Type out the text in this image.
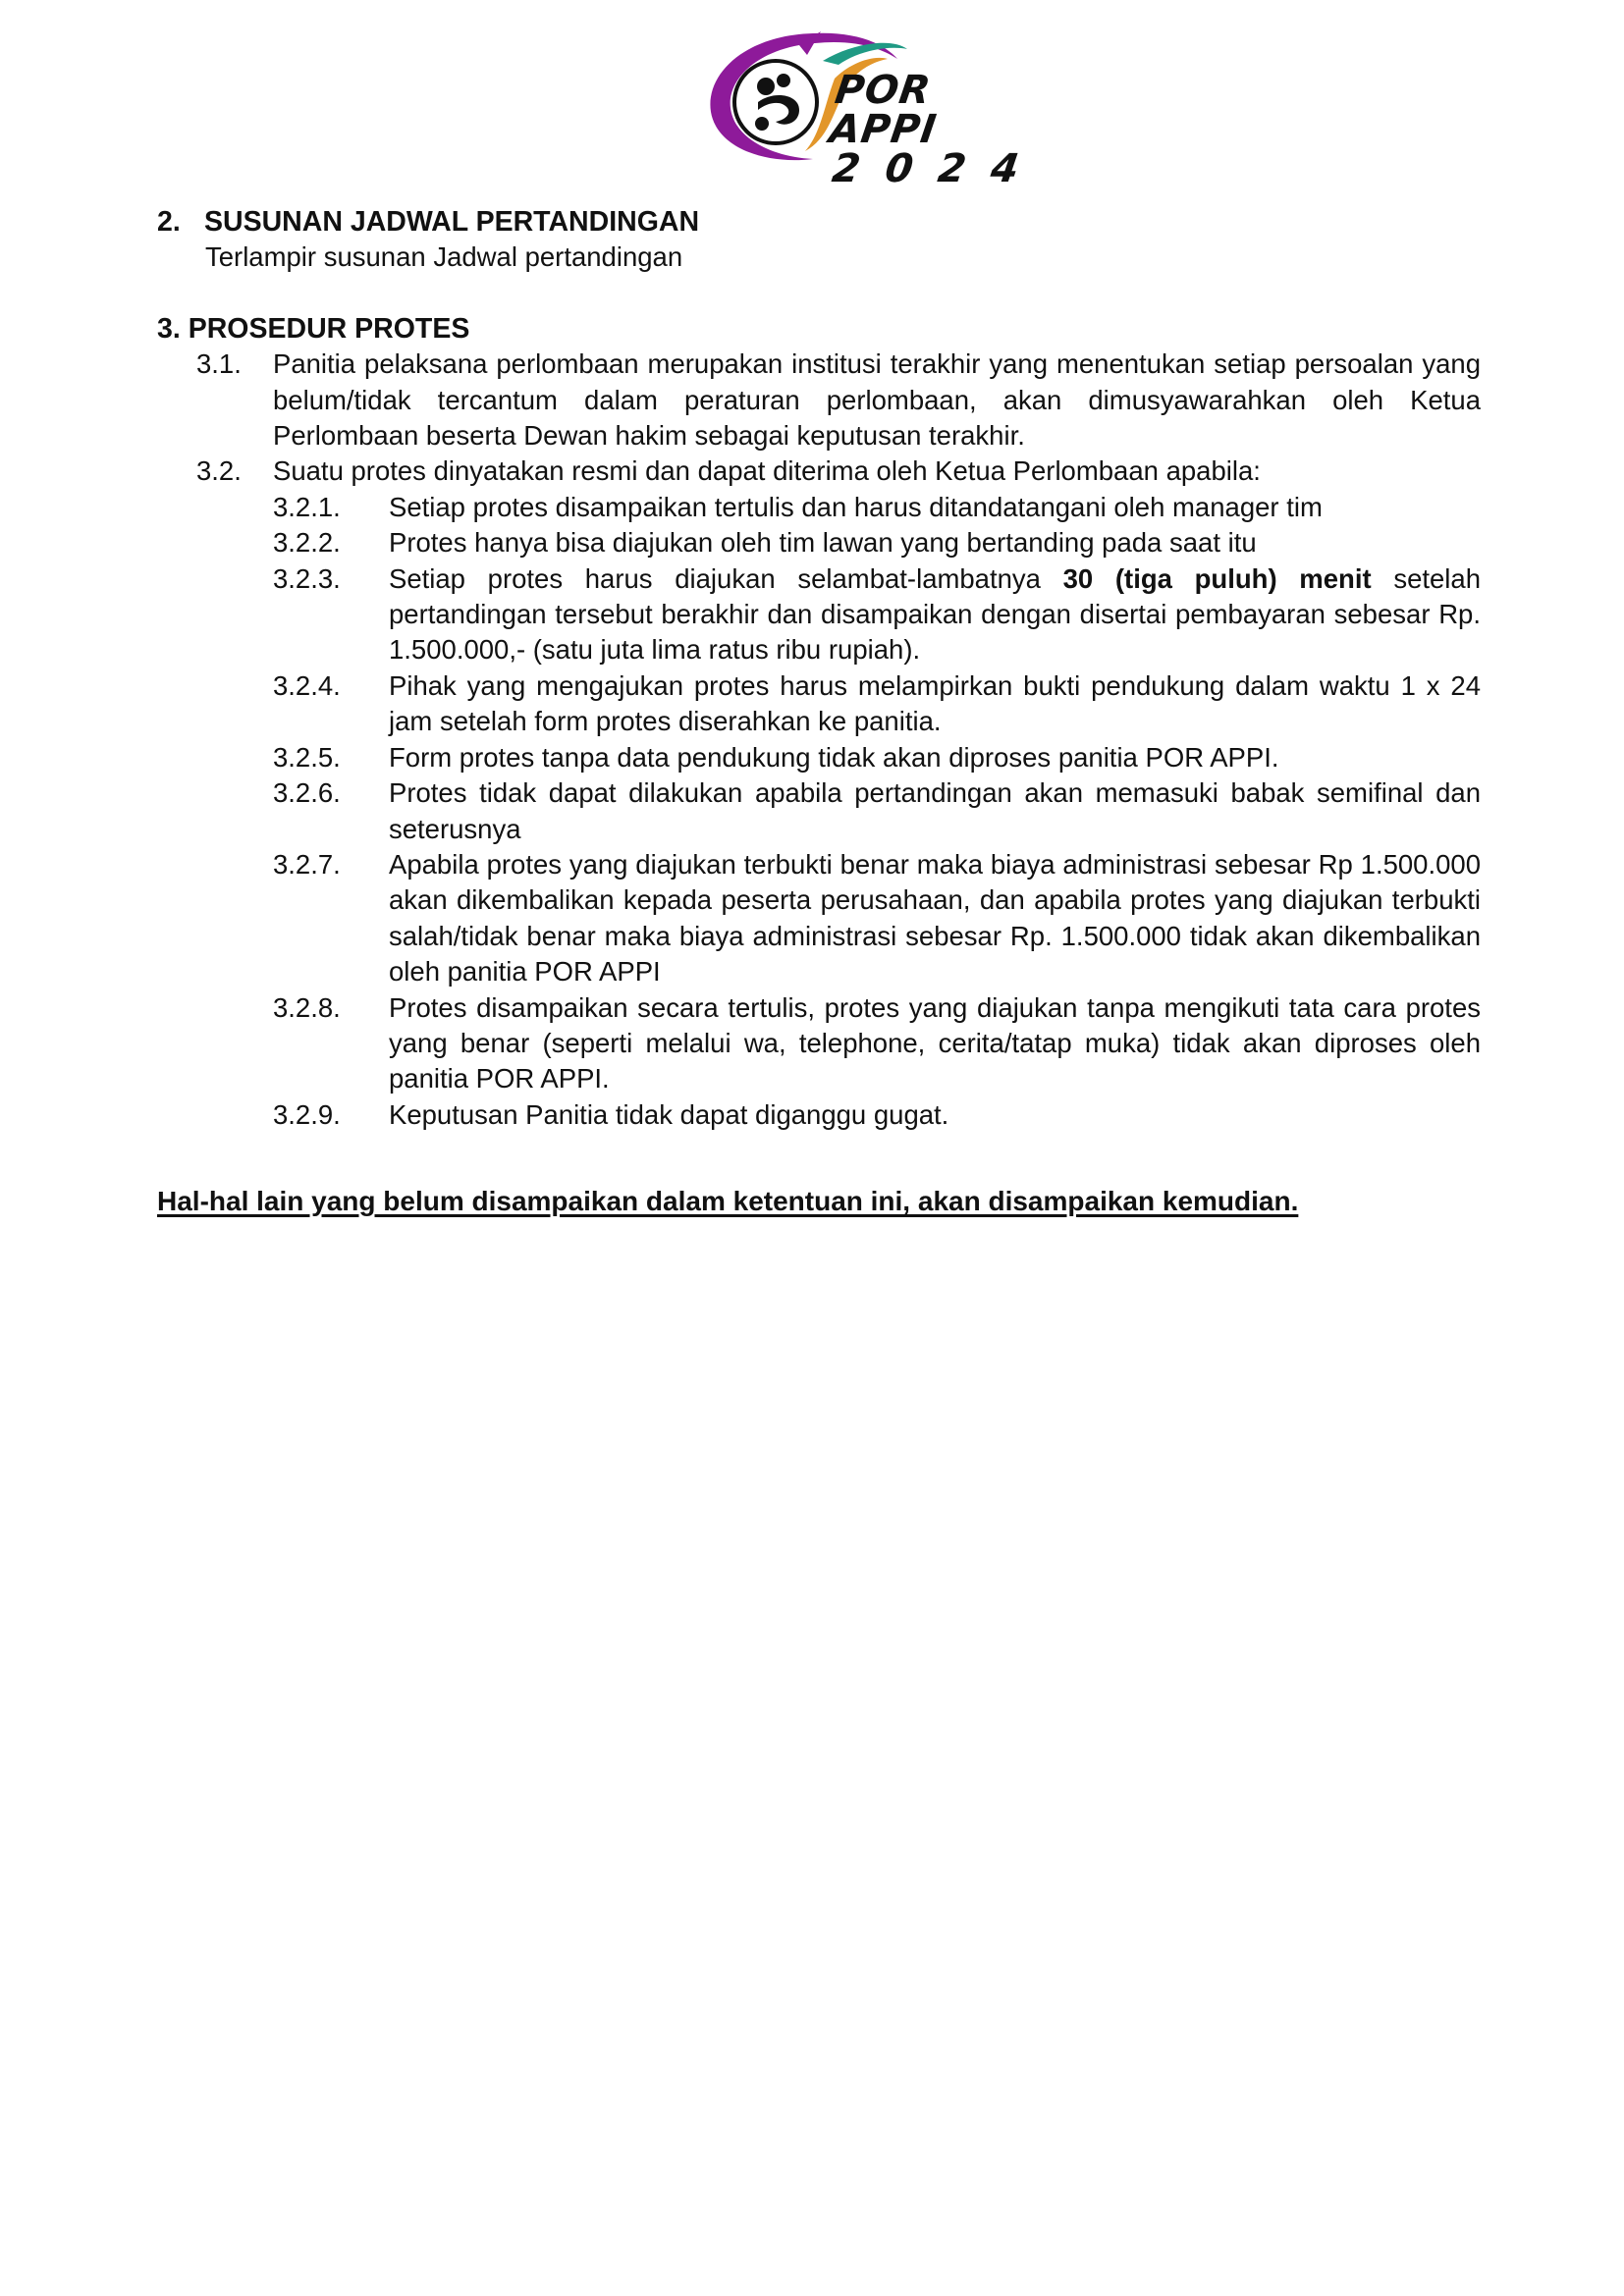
POR APPI
2024
2. SUSUNAN JADWAL PERTANDINGAN
Terlampir susunan Jadwal pertandingan
3. PROSEDUR PROTES
3.1.	Panitia pelaksana perlombaan merupakan institusi terakhir yang menentukan setiap persoalan yang belum/tidak tercantum dalam peraturan perlombaan, akan dimusyawarahkan oleh Ketua Perlombaan beserta Dewan hakim sebagai keputusan terakhir.
3.2.	Suatu protes dinyatakan resmi dan dapat diterima oleh Ketua Perlombaan apabila:
3.2.1.	Setiap protes disampaikan tertulis dan harus ditandatangani oleh manager tim
3.2.2.	Protes hanya bisa diajukan oleh tim lawan yang bertanding pada saat itu
3.2.3.	Setiap protes harus diajukan selambat-lambatnya 30 (tiga puluh) menit setelah pertandingan tersebut berakhir dan disampaikan dengan disertai pembayaran sebesar Rp. 1.500.000,- (satu juta lima ratus ribu rupiah).
3.2.4.	Pihak yang mengajukan protes harus melampirkan bukti pendukung dalam waktu 1 x 24 jam setelah form protes diserahkan ke panitia.
3.2.5.	Form protes tanpa data pendukung tidak akan diproses panitia POR APPI.
3.2.6.	Protes tidak dapat dilakukan apabila pertandingan akan memasuki babak semifinal dan seterusnya
3.2.7.	Apabila protes yang diajukan terbukti benar maka biaya administrasi sebesar Rp 1.500.000 akan dikembalikan kepada peserta perusahaan, dan apabila protes yang diajukan terbukti salah/tidak benar maka biaya administrasi sebesar Rp. 1.500.000 tidak akan dikembalikan oleh panitia POR APPI
3.2.8.	Protes disampaikan secara tertulis, protes yang diajukan tanpa mengikuti tata cara protes yang benar (seperti melalui wa, telephone, cerita/tatap muka) tidak akan diproses oleh panitia POR APPI.
3.2.9.	Keputusan Panitia tidak dapat diganggu gugat.
Hal-hal lain yang belum disampaikan dalam ketentuan ini, akan disampaikan kemudian.
